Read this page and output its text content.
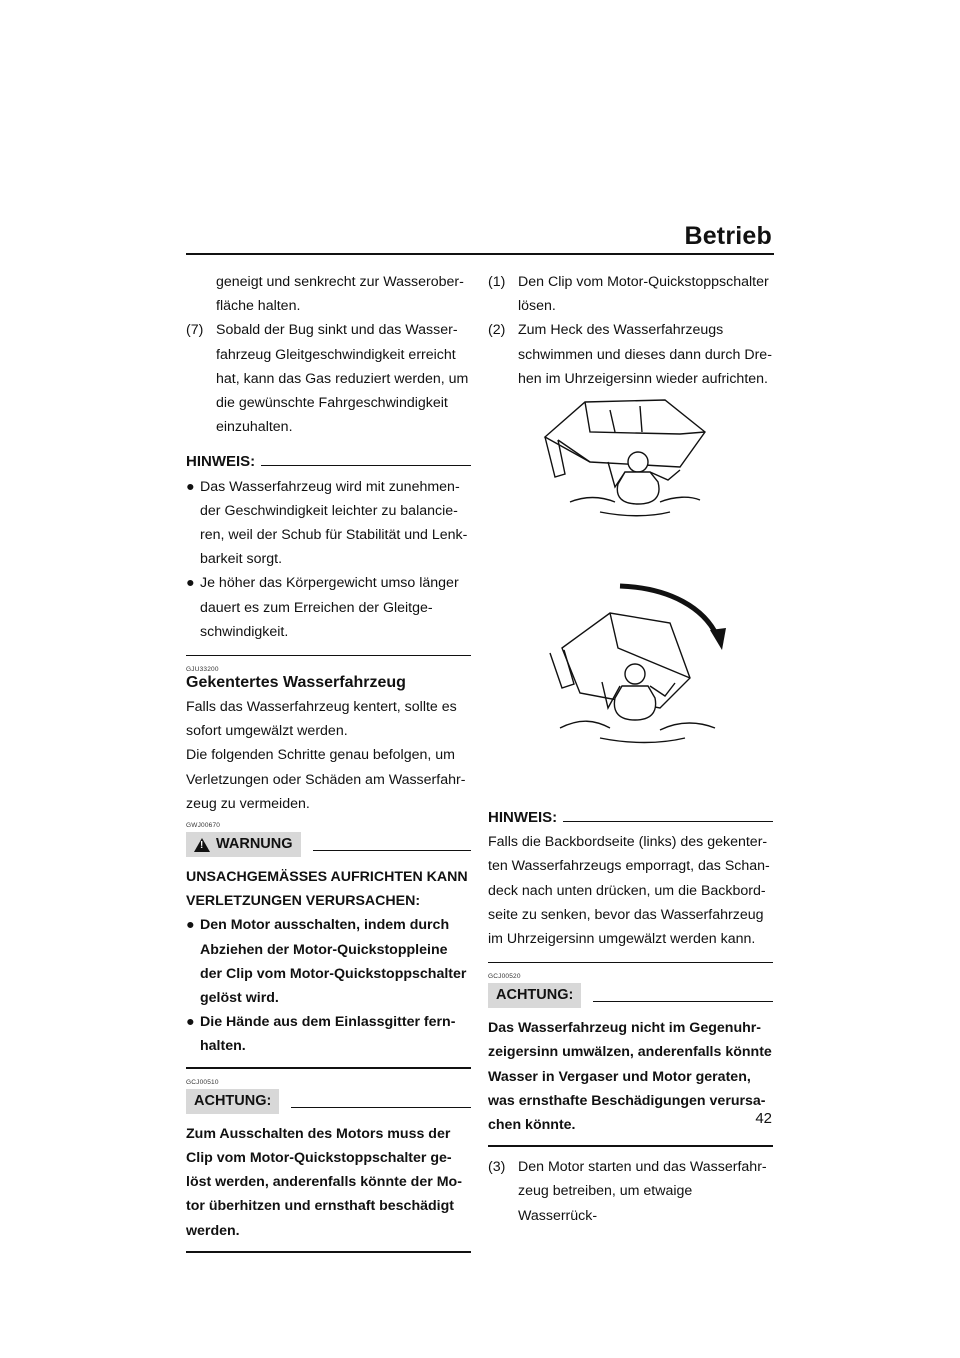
Betrieb

geneigt und senkrecht zur Wasserober- fläche halten.

(7) Sobald der Bug sinkt und das Wasser- fahrzeug Gleitgeschwindigkeit erreicht hat, kann das Gas reduziert werden, um die gewünschte Fahrgeschwindigkeit einzuhalten.

HINWEIS:

● Das Wasserfahrzeug wird mit zunehmen- der Geschwindigkeit leichter zu balancie- ren, weil der Schub für Stabilität und Lenk- barkeit sorgt.

● Je höher das Körpergewicht umso länger dauert es zum Erreichen der Gleitge- schwindigkeit.

GJU33200
Gekentertes Wasserfahrzeug

Falls das Wasserfahrzeug kentert, sollte es sofort umgewälzt werden.

Die folgenden Schritte genau befolgen, um Verletzungen oder Schäden am Wasserfahr- zeug zu vermeiden.

GWJ00670
! WARNUNG

UNSACHGEMÄSSES AUFRICHTEN KANN VERLETZUNGEN VERURSACHEN:

● Den Motor ausschalten, indem durch Abziehen der Motor-Quickstoppleine der Clip vom Motor-Quickstoppschalter gelöst wird.

● Die Hände aus dem Einlassgitter fern- halten.

GCJ00510
ACHTUNG:

Zum Ausschalten des Motors muss der Clip vom Motor-Quickstoppschalter ge- löst werden, anderenfalls könnte der Mo- tor überhitzen und ernsthaft beschädigt werden.

(1) Den Clip vom Motor-Quickstoppschalter lösen.

(2) Zum Heck des Wasserfahrzeugs schwimmen und dieses dann durch Dre- hen im Uhrzeigersinn wieder aufrichten.

HINWEIS:

Falls die Backbordseite (links) des gekenter- ten Wasserfahrzeugs emporragt, das Schan- deck nach unten drücken, um die Backbord- seite zu senken, bevor das Wasserfahrzeug im Uhrzeigersinn umgewälzt werden kann.

GCJ00520
ACHTUNG:

Das Wasserfahrzeug nicht im Gegenuhr- zeigersinn umwälzen, anderenfalls könnte Wasser in Vergaser und Motor geraten, was ernsthafte Beschädigungen verursa- chen könnte.

(3) Den Motor starten und das Wasserfahr- zeug betreiben, um etwaige Wasserrück-

42
